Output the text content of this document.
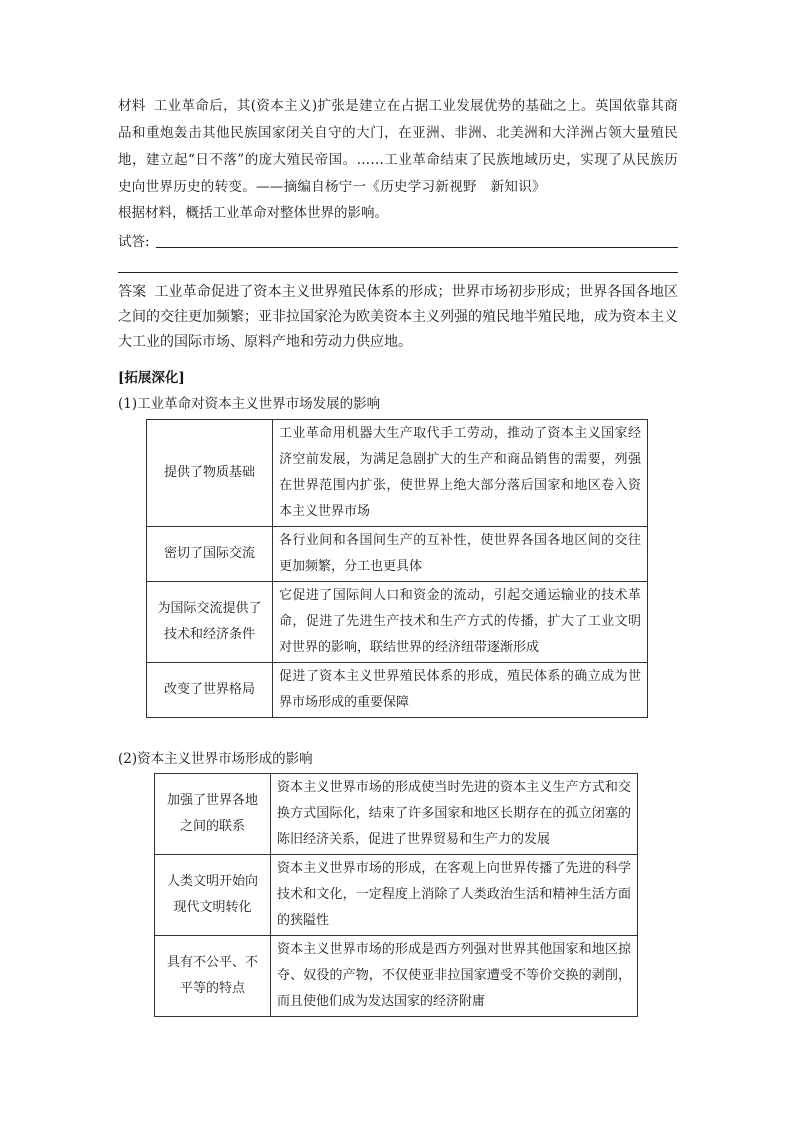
材料 工业革命后，其(资本主义)扩张是建立在占据工业发展优势的基础之上。英国依靠其商品和重炮轰击其他民族国家闭关自守的大门，在亚洲、非洲、北美洲和大洋洲占领大量殖民地，建立起“日不落”的庞大殖民帝国。……工业革命结束了民族地域历史，实现了从民族历史向世界历史的转变。——摘编自杨宁一《历史学习新视野　新知识》
根据材料，概括工业革命对整体世界的影响。
试答:
答案 工业革命促进了资本主义世界殖民体系的形成；世界市场初步形成；世界各国各地区之间的交往更加频繁；亚非拉国家沦为欧美资本主义列强的殖民地半殖民地，成为资本主义大工业的国际市场、原料产地和劳动力供应地。
[拓展深化]
(1)工业革命对资本主义世界市场发展的影响
提供了物质基础	工业革命用机器大生产取代手工劳动，推动了资本主义国家经济空前发展，为满足急剧扩大的生产和商品销售的需要，列强在世界范围内扩张，使世界上绝大部分落后国家和地区卷入资本主义世界市场
密切了国际交流	各行业间和各国间生产的互补性，使世界各国各地区间的交往更加频繁，分工也更具体
为国际交流提供了技术和经济条件	它促进了国际间人口和资金的流动，引起交通运输业的技术革命，促进了先进生产技术和生产方式的传播，扩大了工业文明对世界的影响，联结世界的经济纽带逐渐形成
改变了世界格局	促进了资本主义世界殖民体系的形成，殖民体系的确立成为世界市场形成的重要保障
(2)资本主义世界市场形成的影响
加强了世界各地之间的联系	资本主义世界市场的形成使当时先进的资本主义生产方式和交换方式国际化，结束了许多国家和地区长期存在的孤立闭塞的陈旧经济关系，促进了世界贸易和生产力的发展
人类文明开始向现代文明转化	资本主义世界市场的形成，在客观上向世界传播了先进的科学技术和文化，一定程度上消除了人类政治生活和精神生活方面的狭隘性
具有不公平、不平等的特点	资本主义世界市场的形成是西方列强对世界其他国家和地区掠夺、奴役的产物，不仅使亚非拉国家遭受不等价交换的剥削，而且使他们成为发达国家的经济附庸
